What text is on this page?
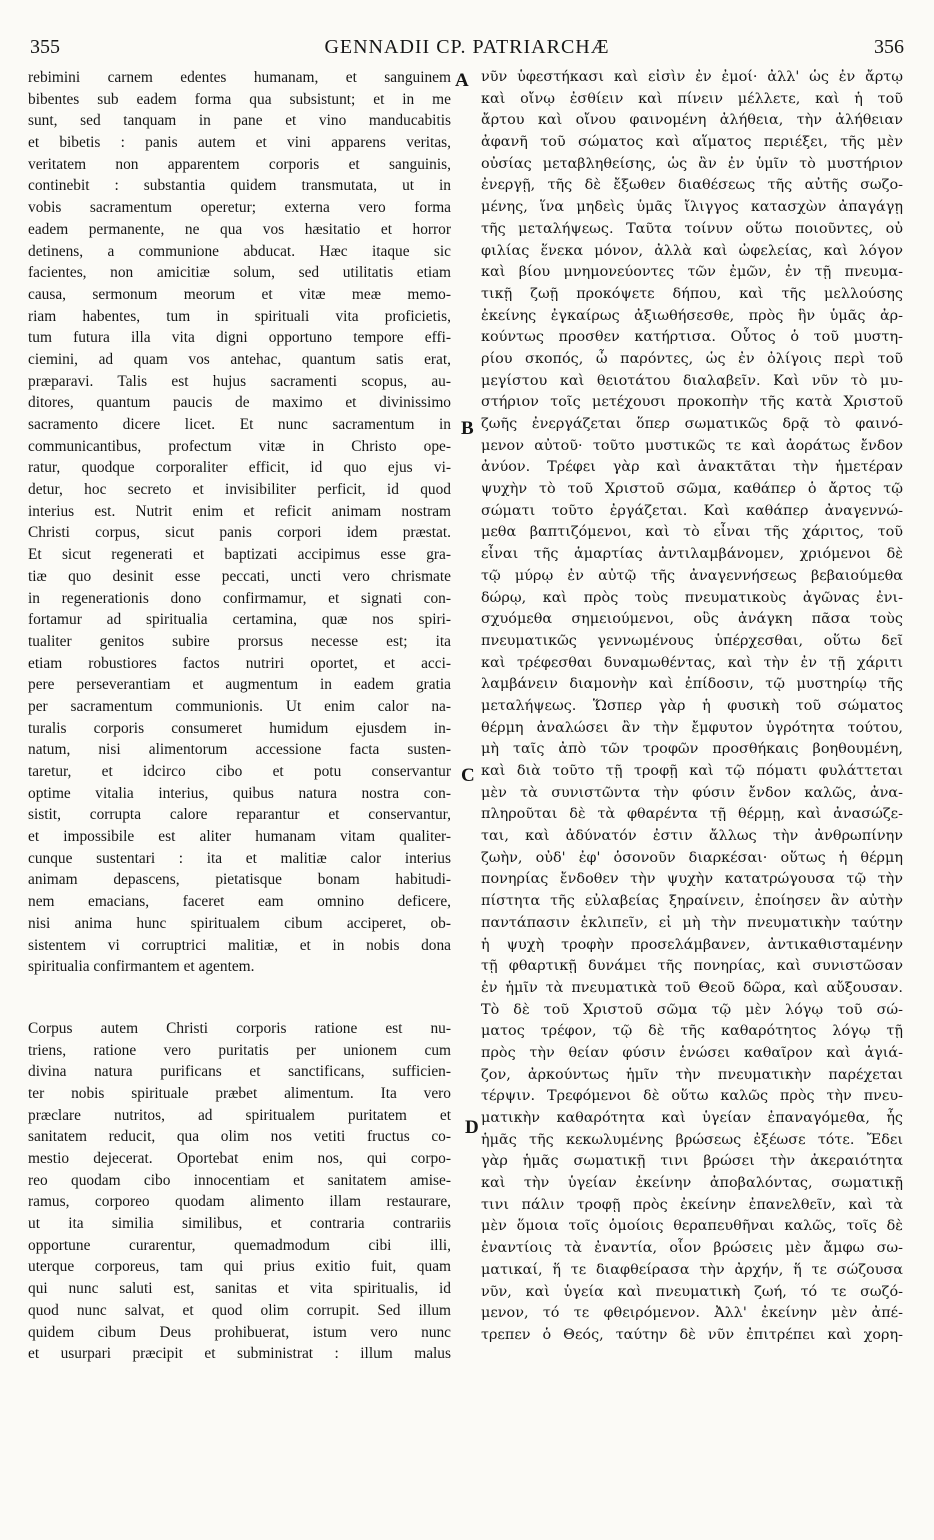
355	GENNADII CP. PATRIARCHÆ	356
rebimini carnem edentes humanam, et sanguinem
bibentes sub eadem forma qua subsistunt; et in me
sunt, sed tanquam in pane et vino manducabitis
et bibetis : panis autem et vini apparens veritas,
veritatem non apparentem corporis et sanguinis,
continebit : substantia quidem transmutata, ut in
vobis sacramentum operetur; externa vero forma
eadem permanente, ne qua vos hæsitatio et horror
detinens, a communione abducat. Hæc itaque sic
facientes, non amicitiæ solum, sed utilitatis etiam
causa, sermonum meorum et vitæ meæ memo-
riam habentes, tum in spirituali vita proficietis,
tum futura illa vita digni opportuno tempore effi-
ciemini, ad quam vos antehac, quantum satis erat,
præparavi. Talis est hujus sacramenti scopus, au-
ditores, quantum paucis de maximo et divinissimo
sacramento dicere licet. Et nunc sacramentum in
communicantibus, profectum vitæ in Christo ope-
ratur, quodque corporaliter efficit, id quo ejus vi-
detur, hoc secreto et invisibiliter perficit, id quod
interius est. Nutrit enim et reficit animam nostram
Christi corpus, sicut panis corpori idem præstat.
Et sicut regenerati et baptizati accipimus esse gra-
tiæ quo desinit esse peccati, uncti vero chrismate
in regenerationis dono confirmamur, et signati con-
fortamur ad spiritualia certamina, quæ nos spiri-
tualiter genitos subire prorsus necesse est; ita
etiam robustiores factos nutriri oportet, et acci-
pere perseverantiam et augmentum in eadem gratia
per sacramentum communionis. Ut enim calor na-
turalis corporis consumeret humidum ejusdem in-
natum, nisi alimentorum accessione facta susten-
taretur, et idcirco cibo et potu conservantur
optime vitalia interius, quibus natura nostra con-
sistit, corrupta calore reparantur et conservantur,
et impossibile est aliter humanam vitam qualiter-
cunque sustentari : ita et malitiæ calor interius
animam depascens, pietatisque bonam habitudi-
nem emacians, faceret eam omnino deficere,
nisi anima hunc spiritualem cibum acciperet, ob-
sistentem vi corruptrici malitiæ, et in nobis dona
spiritualia confirmantem et agentem.
Corpus autem Christi corporis ratione est nu-
triens, ratione vero puritatis per unionem cum
divina natura purificans et sanctificans, sufficien-
ter nobis spirituale præbet alimentum. Ita vero
præclare nutritos, ad spiritualem puritatem et
sanitatem reducit, qua olim nos vetiti fructus co-
mestio dejecerat. Oportebat enim nos, qui corpo-
reo quodam cibo innocentiam et sanitatem amise-
ramus, corporeo quodam alimento illam restaurare,
ut ita similia similibus, et contraria contrariis
opportune curarentur, quemadmodum cibi illi,
uterque corporeus, tam qui prius exitio fuit, quam
qui nunc saluti est, sanitas et vita spiritualis, id
quod nunc salvat, et quod olim corrupit. Sed illum
quidem cibum Deus prohibuerat, istum vero nunc
et usurpari præcipit et subministrat : illum malus
νῦν ὑφεστήκασι καὶ εἰσὶν ἐν ἐμοί· ἀλλ' ὡς ἐν ἄρτῳ
καὶ οἴνῳ ἐσθίειν καὶ πίνειν μέλλετε, καὶ ἡ τοῦ
ἄρτου καὶ οἴνου φαινομένη ἀλήθεια, τὴν ἀλήθειαν
ἀφανῆ τοῦ σώματος καὶ αἵματος περιέξει, τῆς μὲν
οὐσίας μεταβληθείσης, ὡς ἂν ἐν ὑμῖν τὸ μυστήριον
ἐνεργῇ, τῆς δὲ ἔξωθεν διαθέσεως τῆς αὐτῆς σωζο-
μένης, ἵνα μηδεὶς ὑμᾶς ἴλιγγος κατασχὼν ἀπαγάγῃ
τῆς μεταλήψεως. Ταῦτα τοίνυν οὕτω ποιοῦντες, οὐ
φιλίας ἕνεκα μόνον, ἀλλὰ καὶ ὠφελείας, καὶ λόγον
καὶ βίου μνημονεύοντες τῶν ἐμῶν, ἐν τῇ πνευμα-
τικῇ ζωῇ προκόψετε δήπου, καὶ τῆς μελλούσης
ἐκείνης ἐγκαίρως ἀξιωθήσεσθε, πρὸς ἣν ὑμᾶς ἀρ-
κούντως προσθεν κατήρτισα. Οὗτος ὁ τοῦ μυστη-
ρίου σκοπός, ὦ παρόντες, ὡς ἐν ὀλίγοις περὶ τοῦ
μεγίστου καὶ θειοτάτου διαλαβεῖν. Καὶ νῦν τὸ μυ-
στήριον τοῖς μετέχουσι προκοπὴν τῆς κατὰ Χριστοῦ
ζωῆς ἐνεργάζεται ὅπερ σωματικῶς δρᾷ τὸ φαινό-
μενον αὐτοῦ· τοῦτο μυστικῶς τε καὶ ἀοράτως ἔνδον
ἀνύον. Τρέφει γὰρ καὶ ἀνακτᾶται τὴν ἡμετέραν
ψυχὴν τὸ τοῦ Χριστοῦ σῶμα, καθάπερ ὁ ἄρτος τῷ
σώματι τοῦτο ἐργάζεται. Καὶ καθάπερ ἀναγεννώ-
μεθα βαπτιζόμενοι, καὶ τὸ εἶναι τῆς χάριτος, τοῦ
εἶναι τῆς ἁμαρτίας ἀντιλαμβάνομεν, χριόμενοι δὲ
τῷ μύρῳ ἐν αὐτῷ τῆς ἀναγεννήσεως βεβαιούμεθα
δώρῳ, καὶ πρὸς τοὺς πνευματικοὺς ἀγῶνας ἐνι-
σχυόμεθα σημειούμενοι, οὓς ἀνάγκη πᾶσα τοὺς
πνευματικῶς γεννωμένους ὑπέρχεσθαι, οὕτω δεῖ
καὶ τρέφεσθαι δυναμωθέντας, καὶ τὴν ἐν τῇ χάριτι
λαμβάνειν διαμονὴν καὶ ἐπίδοσιν, τῷ μυστηρίῳ τῆς
μεταλήψεως. Ὥσπερ γὰρ ἡ φυσικὴ τοῦ σώματος
θέρμη ἀναλώσει ἂν τὴν ἔμφυτον ὑγρότητα τούτου,
μὴ ταῖς ἀπὸ τῶν τροφῶν προσθήκαις βοηθουμένη,
καὶ διὰ τοῦτο τῇ τροφῇ καὶ τῷ πόματι φυλάττεται
μὲν τὰ συνιστῶντα τὴν φύσιν ἔνδον καλῶς, ἀνα-
πληροῦται δὲ τὰ φθαρέντα τῇ θέρμῃ, καὶ ἀνασώζε-
ται, καὶ ἀδύνατόν ἐστιν ἄλλως τὴν ἀνθρωπίνην
ζωὴν, οὐδ' ἐφ' ὁσονοῦν διαρκέσαι· οὕτως ἡ θέρμη
πονηρίας ἔνδοθεν τὴν ψυχὴν κατατρώγουσα τῷ τὴν
πίστητα τῆς εὐλαβείας ξηραίνειν, ἐποίησεν ἂν αὐτὴν
παντάπασιν ἐκλιπεῖν, εἰ μὴ τὴν πνευματικὴν ταύτην
ἡ ψυχὴ τροφὴν προσελάμβανεν, ἀντικαθισταμένην
τῇ φθαρτικῇ δυνάμει τῆς πονηρίας, καὶ συνιστῶσαν
ἐν ἡμῖν τὰ πνευματικὰ τοῦ Θεοῦ δῶρα, καὶ αὔξουσαν.
Τὸ δὲ τοῦ Χριστοῦ σῶμα τῷ μὲν λόγῳ τοῦ σώ-
ματος τρέφον, τῷ δὲ τῆς καθαρότητος λόγῳ τῇ
πρὸς τὴν θείαν φύσιν ἑνώσει καθαῖρον καὶ ἁγιά-
ζον, ἀρκούντως ἡμῖν τὴν πνευματικὴν παρέχεται
τέρψιν. Τρεφόμενοι δὲ οὕτω καλῶς πρὸς τὴν πνευ-
ματικὴν καθαρότητα καὶ ὑγείαν ἐπαναγόμεθα, ἧς
ἡμᾶς τῆς κεκωλυμένης βρώσεως ἐξέωσε τότε. Ἔδει
γὰρ ἡμᾶς σωματικῇ τινι βρώσει τὴν ἀκεραιότητα
καὶ τὴν ὑγείαν ἐκείνην ἀποβαλόντας, σωματικῇ
τινι πάλιν τροφῇ πρὸς ἐκείνην ἐπανελθεῖν, καὶ τὰ
μὲν ὅμοια τοῖς ὁμοίοις θεραπευθῆναι καλῶς, τοῖς δὲ
ἐναντίοις τὰ ἐναντία, οἷον βρώσεις μὲν ἄμφω σω-
ματικαί, ἥ τε διαφθείρασα τὴν ἀρχήν, ἥ τε σώζουσα
νῦν, καὶ ὑγεία καὶ πνευματικὴ ζωή, τό τε σωζό-
μενον, τό τε φθειρόμενον. Ἀλλ' ἐκείνην μὲν ἀπέ-
τρεπεν ὁ Θεός, ταύτην δὲ νῦν ἐπιτρέπει καὶ χορη-
A
B
C
D
